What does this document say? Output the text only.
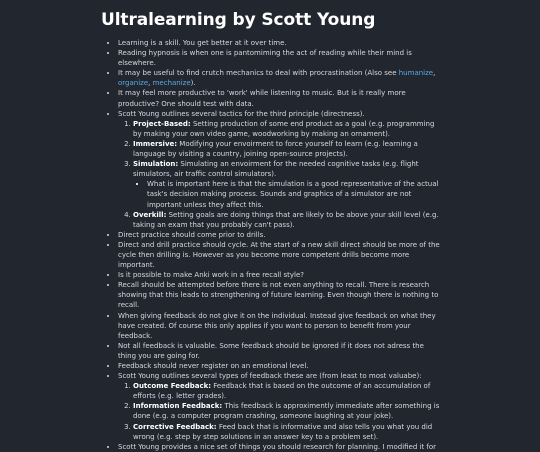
Ultralearning by Scott Young
• Learning is a skill. You get better at it over time.
• Reading hypnosis is when one is pantomiming the act of reading while their mind is elsewhere.
• It may be useful to find crutch mechanics to deal with procrastination (Also see humanize, organize, mechanize).
• It may feel more productive to 'work' while listening to music. But is it really more productive? One should test with data.
• Scott Young outlines several tactics for the third principle (directness).
1. Project-Based: Setting production of some end product as a goal (e.g. programming by making your own video game, woodworking by making an ornament).
2. Immersive: Modifying your envoirment to force yourself to learn (e.g. learning a language by visiting a country, joining open-source projects).
3. Simulation: Simulating an envoirment for the needed cognitive tasks (e.g. flight simulators, air traffic control simulators).
▪ What is important here is that the simulation is a good representative of the actual task's decision making process. Sounds and graphics of a simulator are not important unless they affect this.
4. Overkill: Setting goals are doing things that are likely to be above your skill level (e.g. taking an exam that you probably can't pass).
• Direct practice should come prior to drills.
• Direct and drill practice should cycle. At the start of a new skill direct should be more of the cycle then drilling is. However as you become more competent drills become more important.
• Is it possible to make Anki work in a free recall style?
• Recall should be attempted before there is not even anything to recall. There is research showing that this leads to strengthening of future learning. Even though there is nothing to recall.
• When giving feedback do not give it on the individual. Instead give feedback on what they have created. Of course this only applies if you want to person to benefit from your feedback.
• Not all feedback is valuable. Some feedback should be ignored if it does not adress the thing you are going for.
• Feedback should never register on an emotional level.
• Scott Young outlines several types of feedback these are (from least to most valuabe):
1. Outcome Feedback: Feedback that is based on the outcome of an accumulation of efforts (e.g. letter grades).
2. Information Feedback: This feedback is approximently immediate after something is done (e.g. a computer program crashing, someone laughing at your joke).
3. Corrective Feedback: Feed back that is informative and also tells you what you did wrong (e.g. step by step solutions in an answer key to a problem set).
• Scott Young provides a nice set of things you should research for planning. I modified it for
